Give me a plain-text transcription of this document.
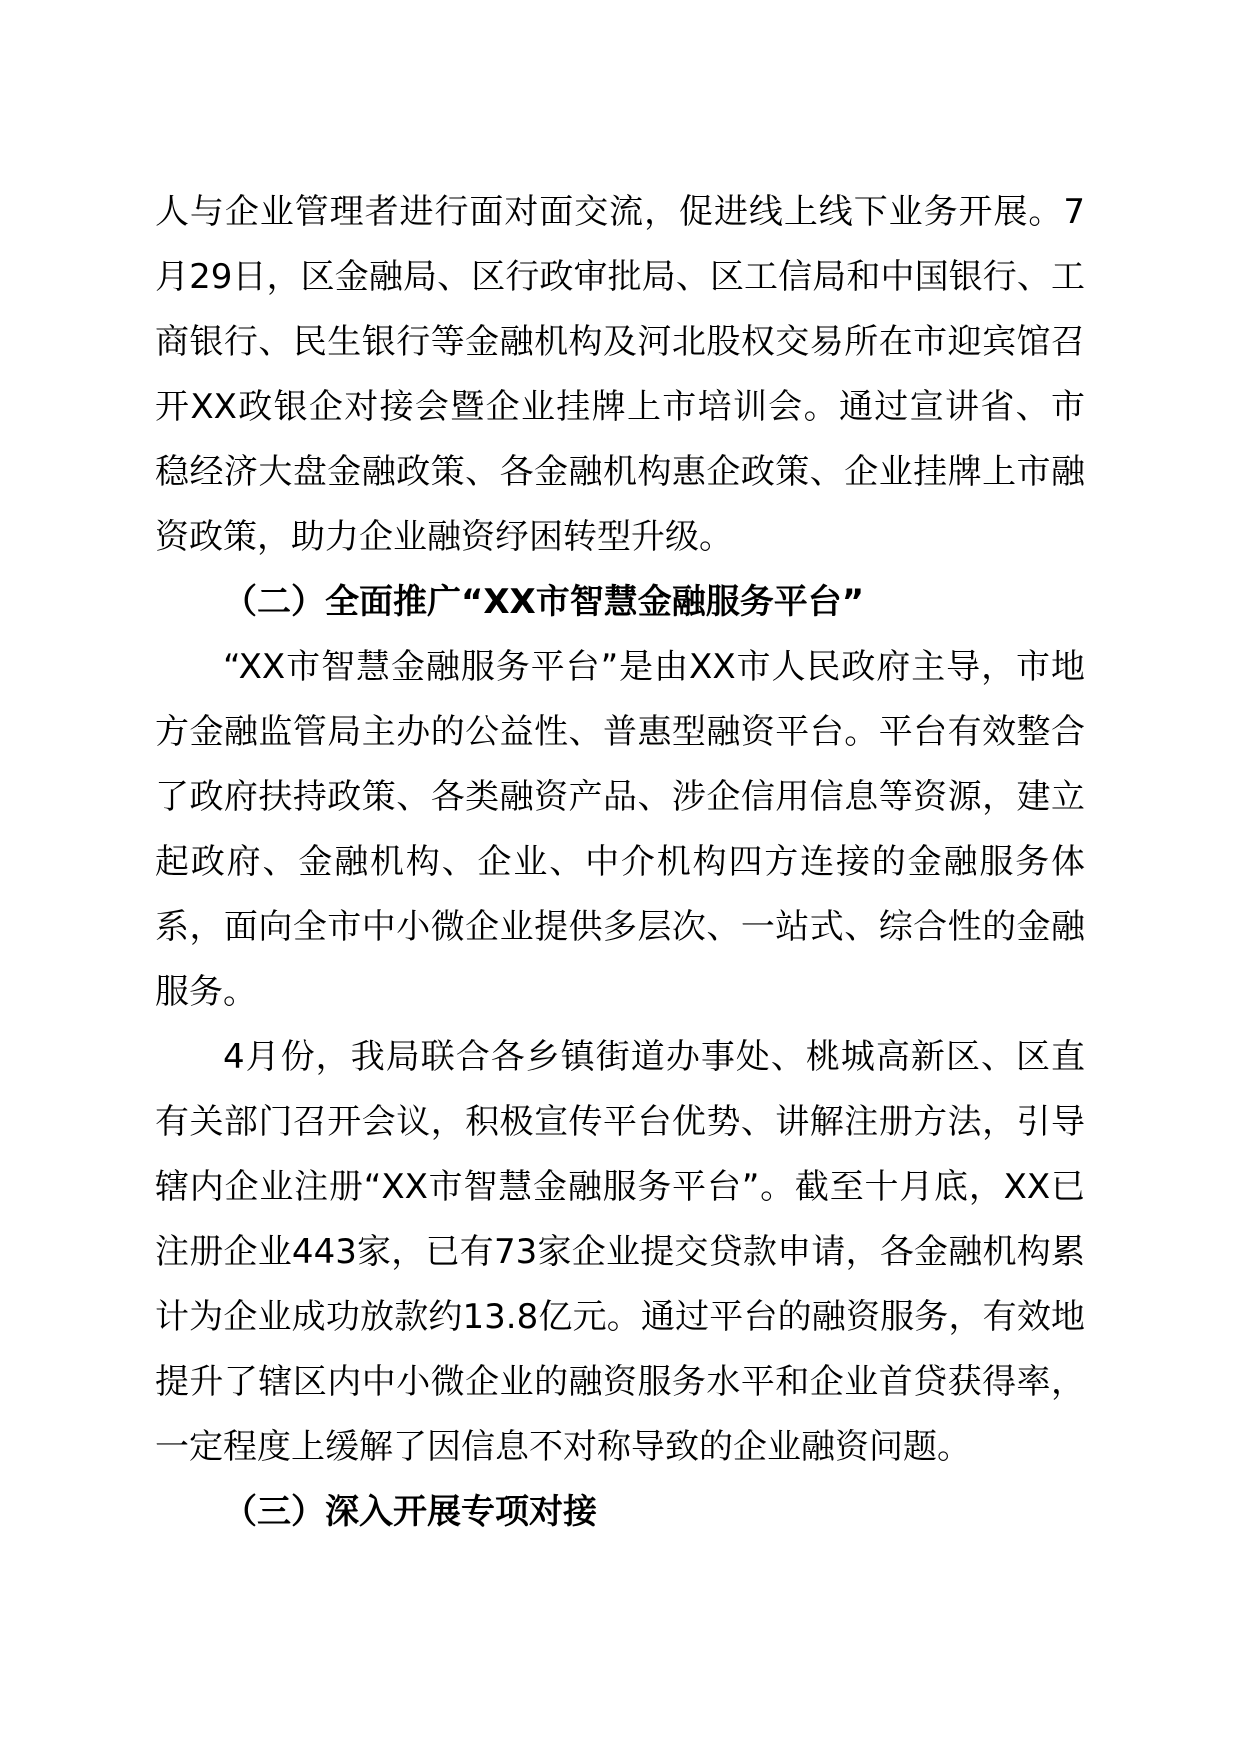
人与企业管理者进行面对面交流，促进线上线下业务开展。7月29日，区金融局、区行政审批局、区工信局和中国银行、工商银行、民生银行等金融机构及河北股权交易所在市迎宾馆召开XX政银企对接会暨企业挂牌上市培训会。通过宣讲省、市稳经济大盘金融政策、各金融机构惠企政策、企业挂牌上市融资政策，助力企业融资纾困转型升级。

（二）全面推广“XX市智慧金融服务平台”

“XX市智慧金融服务平台”是由XX市人民政府主导，市地方金融监管局主办的公益性、普惠型融资平台。平台有效整合了政府扶持政策、各类融资产品、涉企信用信息等资源，建立起政府、金融机构、企业、中介机构四方连接的金融服务体系，面向全市中小微企业提供多层次、一站式、综合性的金融服务。

4月份，我局联合各乡镇街道办事处、桃城高新区、区直有关部门召开会议，积极宣传平台优势、讲解注册方法，引导辖内企业注册“XX市智慧金融服务平台”。截至十月底，XX已注册企业443家，已有73家企业提交贷款申请，各金融机构累计为企业成功放款约13.8亿元。通过平台的融资服务，有效地提升了辖区内中小微企业的融资服务水平和企业首贷获得率，一定程度上缓解了因信息不对称导致的企业融资问题。

（三）深入开展专项对接
